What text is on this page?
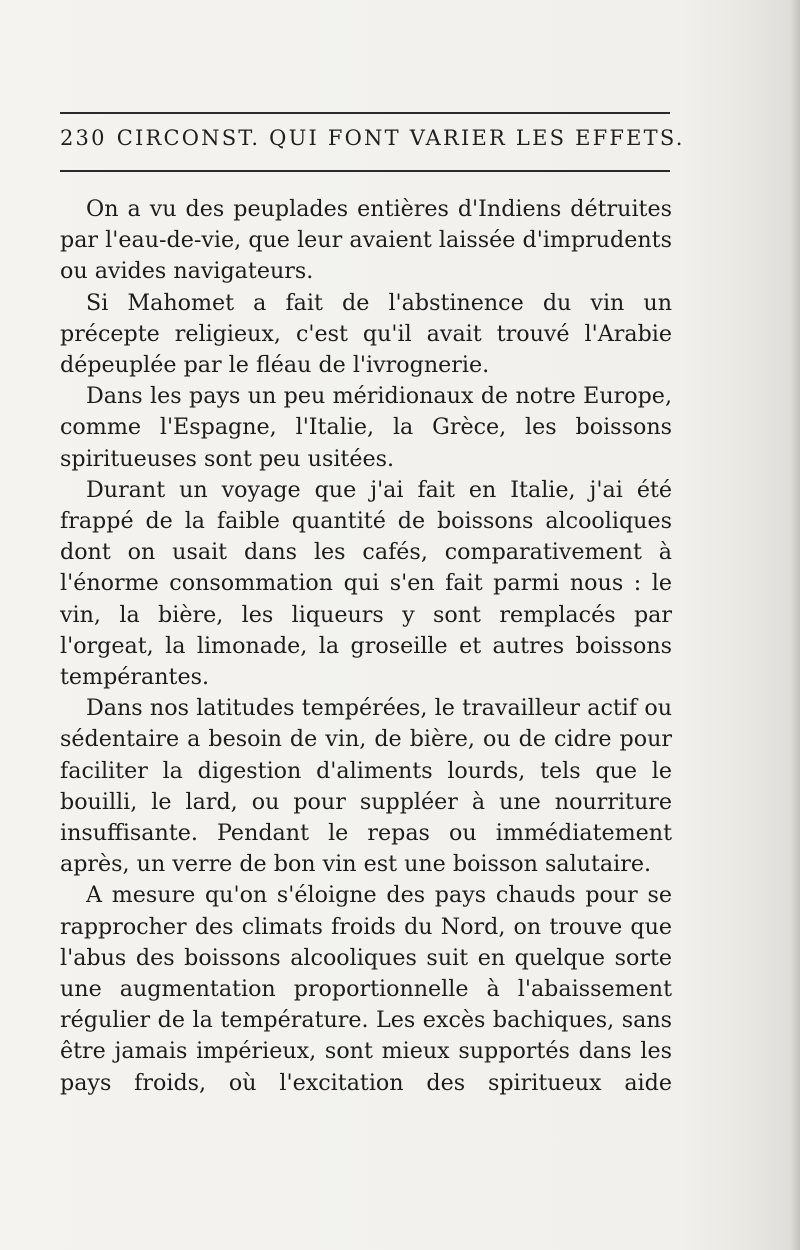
230 CIRCONST. QUI FONT VARIER LES EFFETS.

On a vu des peuplades entières d'Indiens détruites par l'eau-de-vie, que leur avaient laissée d'imprudents ou avides navigateurs.

Si Mahomet a fait de l'abstinence du vin un précepte religieux, c'est qu'il avait trouvé l'Arabie dépeuplée par le fléau de l'ivrognerie.

Dans les pays un peu méridionaux de notre Europe, comme l'Espagne, l'Italie, la Grèce, les boissons spiritueuses sont peu usitées.

Durant un voyage que j'ai fait en Italie, j'ai été frappé de la faible quantité de boissons alcooliques dont on usait dans les cafés, comparativement à l'énorme consommation qui s'en fait parmi nous : le vin, la bière, les liqueurs y sont remplacés par l'orgeat, la limonade, la groseille et autres boissons tempérantes.

Dans nos latitudes tempérées, le travailleur actif ou sédentaire a besoin de vin, de bière, ou de cidre pour faciliter la digestion d'aliments lourds, tels que le bouilli, le lard, ou pour suppléer à une nourriture insuffisante. Pendant le repas ou immédiatement après, un verre de bon vin est une boisson salutaire.

A mesure qu'on s'éloigne des pays chauds pour se rapprocher des climats froids du Nord, on trouve que l'abus des boissons alcooliques suit en quelque sorte une augmentation proportionnelle à l'abaissement régulier de la température. Les excès bachiques, sans être jamais impérieux, sont mieux supportés dans les pays froids, où l'excitation des spiritueux aide
